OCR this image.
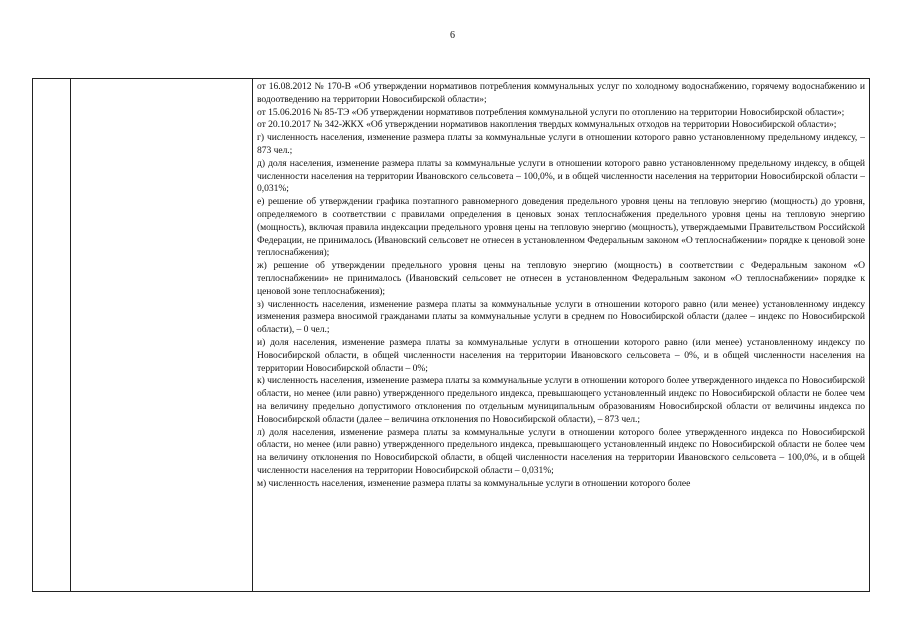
6

от 16.08.2012 № 170-В «Об утверждении нормативов потребления коммунальных услуг по холодному водоснабжению, горячему водоснабжению и водоотведению на территории Новосибирской области»;

от 15.06.2016 № 85-ТЭ «Об утверждении нормативов потребления коммунальной услуги по отоплению на территории Новосибирской области»;

от 20.10.2017 № 342-ЖКХ «Об утверждении нормативов накопления твердых коммунальных отходов на территории Новосибирской области»;

г) численность населения, изменение размера платы за коммунальные услуги в отношении которого равно установленному предельному индексу, – 873 чел.;

д) доля населения, изменение размера платы за коммунальные услуги в отношении которого равно установленному предельному индексу, в общей численности населения на территории Ивановского сельсовета – 100,0%, и в общей численности населения на территории Новосибирской области – 0,031%;

е) решение об утверждении графика поэтапного равномерного доведения предельного уровня цены на тепловую энергию (мощность) до уровня, определяемого в соответствии с правилами определения в ценовых зонах теплоснабжения предельного уровня цены на тепловую энергию (мощность), включая правила индексации предельного уровня цены на тепловую энергию (мощность), утверждаемыми Правительством Российской Федерации, не принималось (Ивановский сельсовет не отнесен в установленном Федеральным законом «О теплоснабжении» порядке к ценовой зоне теплоснабжения);

ж) решение об утверждении предельного уровня цены на тепловую энергию (мощность) в соответствии с Федеральным законом «О теплоснабжении» не принималось (Ивановский сельсовет не отнесен в установленном Федеральным законом «О теплоснабжении» порядке к ценовой зоне теплоснабжения);

з) численность населения, изменение размера платы за коммунальные услуги в отношении которого равно (или менее) установленному индексу изменения размера вносимой гражданами платы за коммунальные услуги в среднем по Новосибирской области (далее – индекс по Новосибирской области), – 0 чел.;

и) доля населения, изменение размера платы за коммунальные услуги в отношении которого равно (или менее) установленному индексу по Новосибирской области, в общей численности населения на территории Ивановского сельсовета – 0%, и в общей численности населения на территории Новосибирской области – 0%;

к) численность населения, изменение размера платы за коммунальные услуги в отношении которого более утвержденного индекса по Новосибирской области, но менее (или равно) утвержденного предельного индекса, превышающего установленный индекс по Новосибирской области не более чем на величину предельно допустимого отклонения по отдельным муниципальным образованиям Новосибирской области от величины индекса по Новосибирской области (далее – величина отклонения по Новосибирской области), – 873 чел.;

л) доля населения, изменение размера платы за коммунальные услуги в отношении которого более утвержденного индекса по Новосибирской области, но менее (или равно) утвержденного предельного индекса, превышающего установленный индекс по Новосибирской области не более чем на величину отклонения по Новосибирской области, в общей численности населения на территории Ивановского сельсовета – 100,0%, и в общей численности населения на территории Новосибирской области – 0,031%;

м) численность населения, изменение размера платы за коммунальные услуги в отношении которого более
